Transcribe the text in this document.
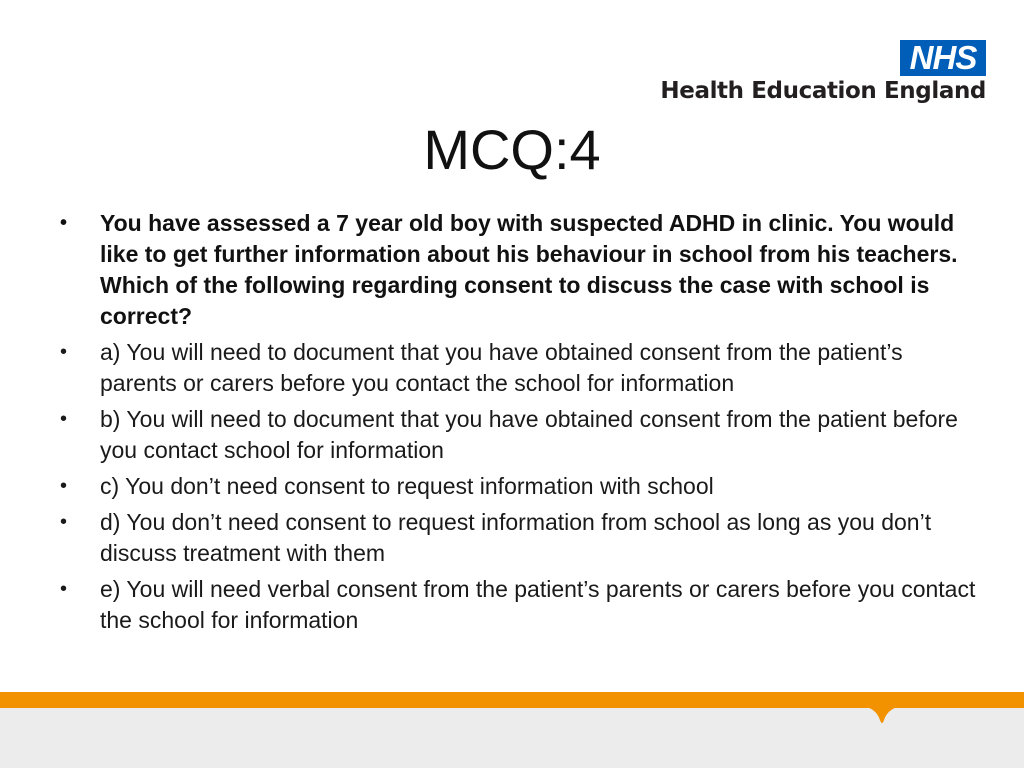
NHS
Health Education England
MCQ:4
• You have assessed a 7 year old boy with suspected ADHD in clinic. You would like to get further information about his behaviour in school from his teachers. Which of the following regarding consent to discuss the case with school is correct?
• a) You will need to document that you have obtained consent from the patient’s parents or carers before you contact the school for information
• b) You will need to document that you have obtained consent from the patient before you contact school for information
• c) You don’t need consent to request information with school
• d) You don’t need consent to request information from school as long as you don’t discuss treatment with them
• e) You will need verbal consent from the patient’s parents or carers before you contact the school for information
